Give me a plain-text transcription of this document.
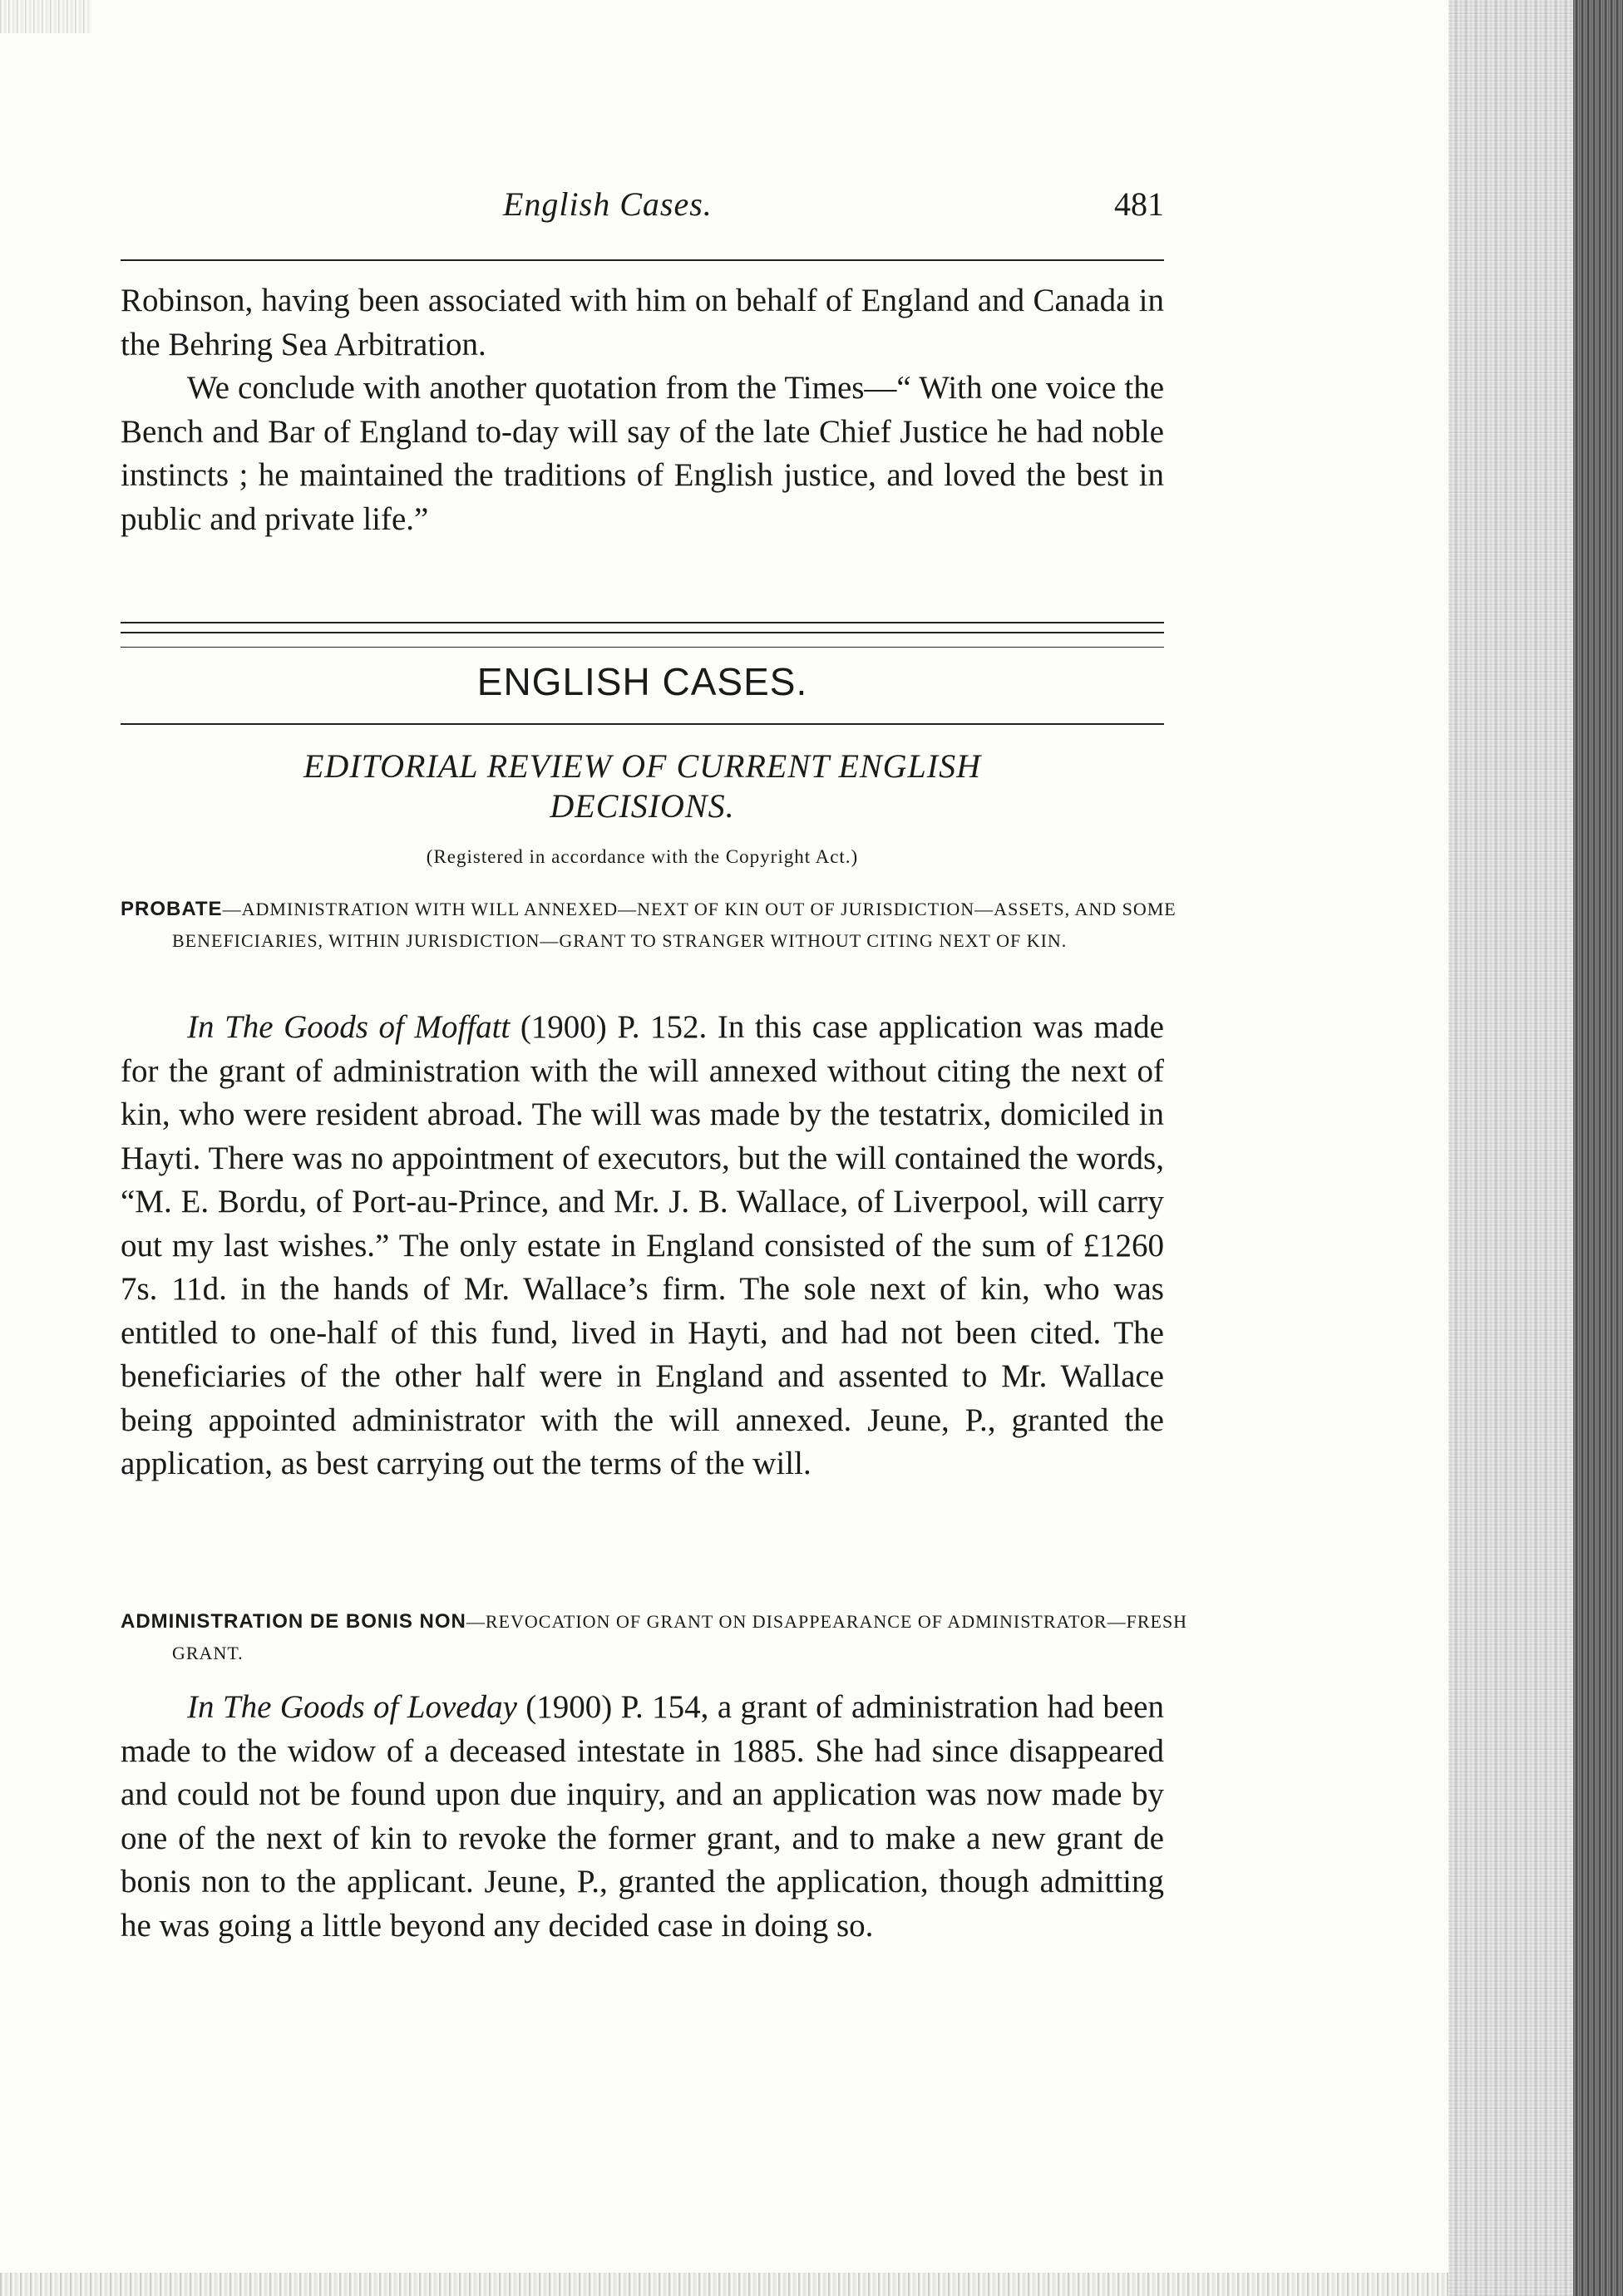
English Cases.	481

Robinson, having been associated with him on behalf of England and Canada in the Behring Sea Arbitration.

We conclude with another quotation from the Times—“ With one voice the Bench and Bar of England to-day will say of the late Chief Justice he had noble instincts ; he maintained the traditions of English justice, and loved the best in public and private life.”

ENGLISH CASES.
EDITORIAL REVIEW OF CURRENT ENGLISH
DECISIONS.
(Registered in accordance with the Copyright Act.)
PROBATE—ADMINISTRATION WITH WILL ANNEXED—NEXT OF KIN OUT OF JURISDICTION—ASSETS, AND SOME BENEFICIARIES, WITHIN JURISDICTION—GRANT TO STRANGER WITHOUT CITING NEXT OF KIN.

In The Goods of Moffatt (1900) P. 152. In this case application was made for the grant of administration with the will annexed without citing the next of kin, who were resident abroad. The will was made by the testatrix, domiciled in Hayti. There was no appointment of executors, but the will contained the words, “M. E. Bordu, of Port-au-Prince, and Mr. J. B. Wallace, of Liverpool, will carry out my last wishes.” The only estate in England consisted of the sum of £1260 7s. 11d. in the hands of Mr. Wallace’s firm. The sole next of kin, who was entitled to one-half of this fund, lived in Hayti, and had not been cited. The beneficiaries of the other half were in England and assented to Mr. Wallace being appointed administrator with the will annexed. Jeune, P., granted the application, as best carrying out the terms of the will.

ADMINISTRATION DE BONIS NON—REVOCATION OF GRANT ON DISAPPEARANCE OF ADMINISTRATOR—FRESH GRANT.

In The Goods of Loveday (1900) P. 154, a grant of administration had been made to the widow of a deceased intestate in 1885. She had since disappeared and could not be found upon due inquiry, and an application was now made by one of the next of kin to revoke the former grant, and to make a new grant de bonis non to the applicant. Jeune, P., granted the application, though admitting he was going a little beyond any decided case in doing so.
